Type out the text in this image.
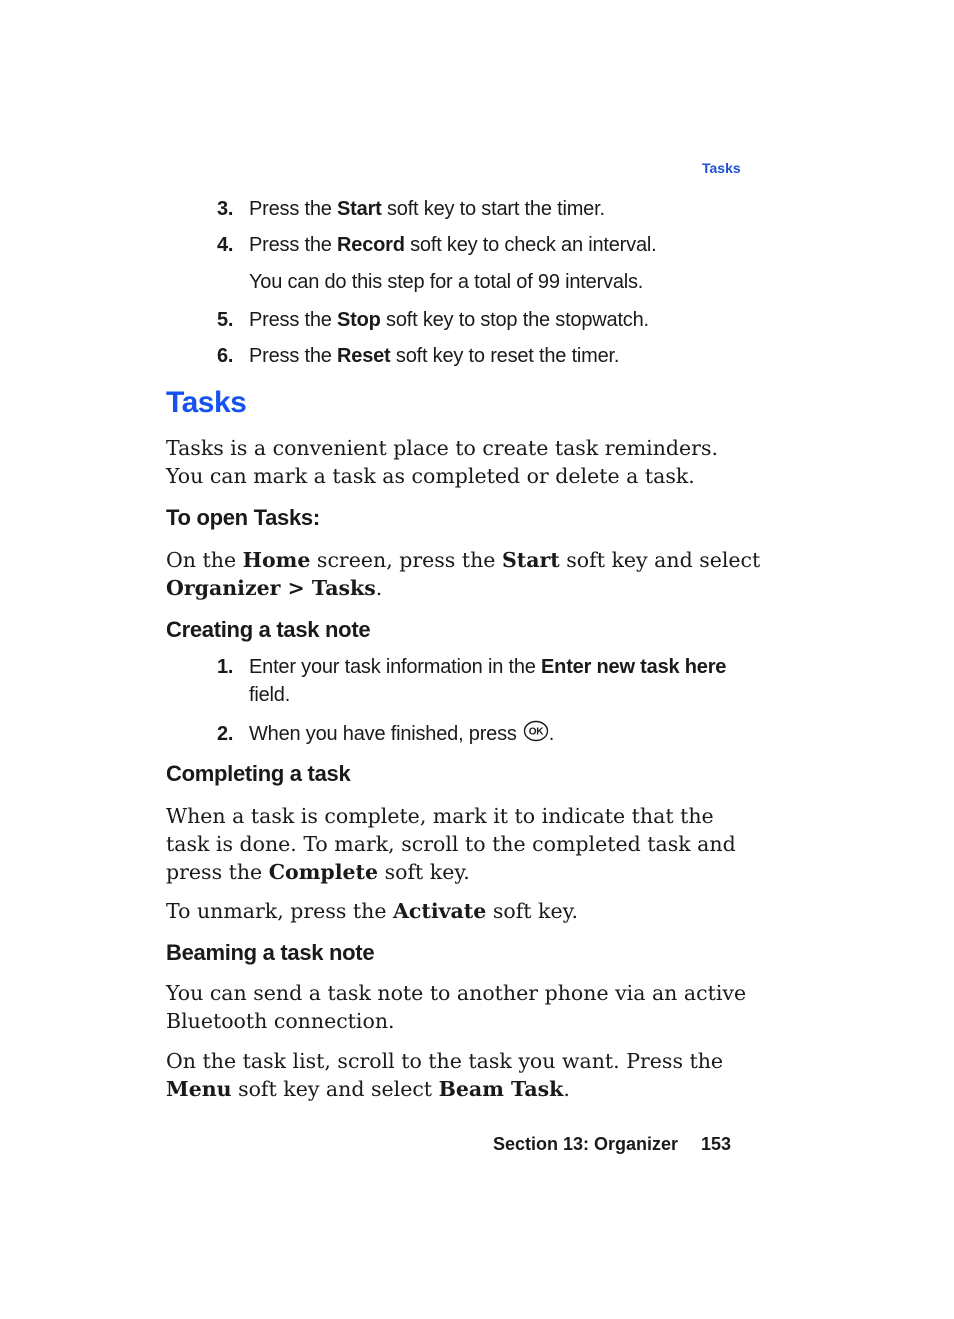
Tasks
3. Press the Start soft key to start the timer.
4. Press the Record soft key to check an interval.
You can do this step for a total of 99 intervals.
5. Press the Stop soft key to stop the stopwatch.
6. Press the Reset soft key to reset the timer.
Tasks
Tasks is a convenient place to create task reminders.
You can mark a task as completed or delete a task.
To open Tasks:
On the Home screen, press the Start soft key and select
Organizer > Tasks.
Creating a task note
1. Enter your task information in the Enter new task here
field.
2. When you have finished, press OK .
Completing a task
When a task is complete, mark it to indicate that the
task is done. To mark, scroll to the completed task and
press the Complete soft key.
To unmark, press the Activate soft key.
Beaming a task note
You can send a task note to another phone via an active
Bluetooth connection.
On the task list, scroll to the task you want. Press the
Menu soft key and select Beam Task.
Section 13: Organizer 153
